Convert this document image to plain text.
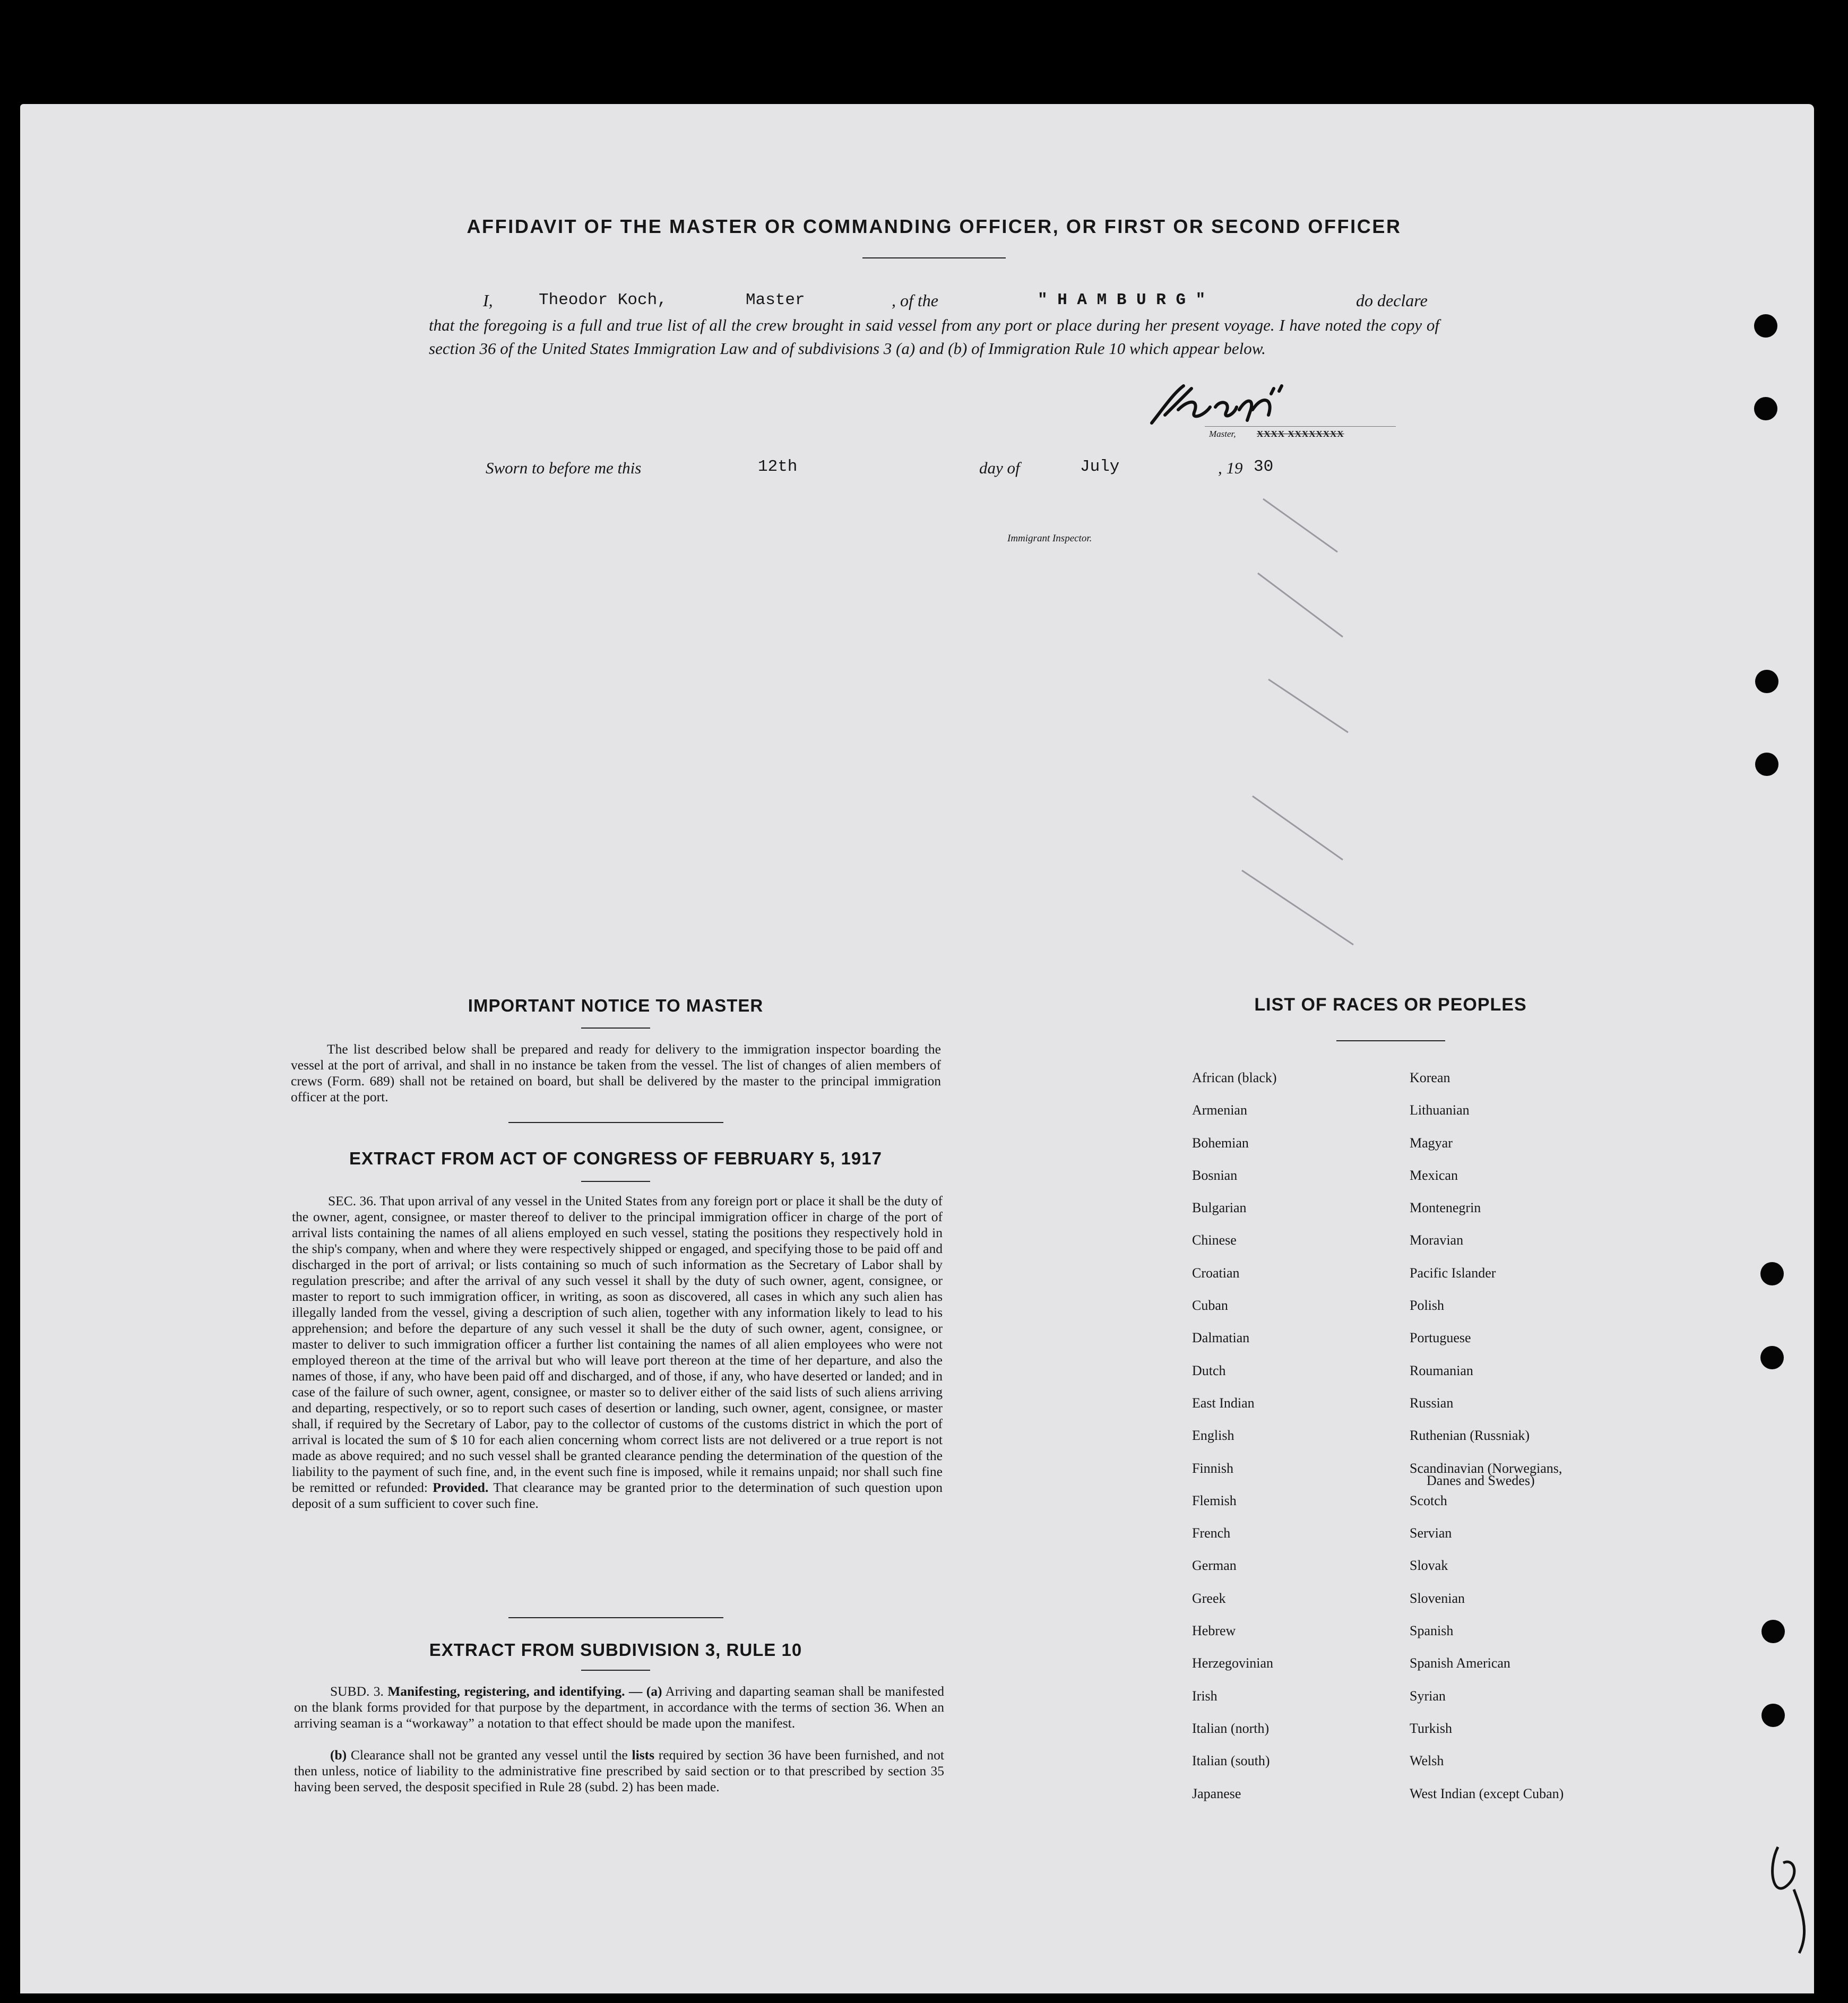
AFFIDAVIT OF THE MASTER OR COMMANDING OFFICER, OR FIRST OR SECOND OFFICER
I,	Theodor Koch,	Master	, of the	" H A M B U R G "	do declare
that the foregoing is a full and true list of all the crew brought in said vessel from any port or place during her present voyage. I have noted the copy of section 36 of the United States Immigration Law and of subdivisions 3 (a) and (b) of Immigration Rule 10 which appear below.
Master, XXXX XXXXXXXX
Sworn to before me this	12th	day of	July	, 19 30
Immigrant Inspector.
IMPORTANT NOTICE TO MASTER
The list described below shall be prepared and ready for delivery to the immigration inspector boarding the vessel at the port of arrival, and shall in no instance be taken from the vessel. The list of changes of alien members of crews (Form. 689) shall not be retained on board, but shall be delivered by the master to the principal immigration officer at the port.
EXTRACT FROM ACT OF CONGRESS OF FEBRUARY 5, 1917
SEC. 36. That upon arrival of any vessel in the United States from any foreign port or place it shall be the duty of the owner, agent, consignee, or master thereof to deliver to the principal immigration officer in charge of the port of arrival lists containing the names of all aliens employed en such vessel, stating the positions they respectively hold in the ship's company, when and where they were respectively shipped or engaged, and specifying those to be paid off and discharged in the port of arrival; or lists containing so much of such information as the Secretary of Labor shall by regulation prescribe; and after the arrival of any such vessel it shall by the duty of such owner, agent, consignee, or master to report to such immigration officer, in writing, as soon as discovered, all cases in which any such alien has illegally landed from the vessel, giving a description of such alien, together with any information likely to lead to his apprehension; and before the departure of any such vessel it shall be the duty of such owner, agent, consignee, or master to deliver to such immigration officer a further list containing the names of all alien employees who were not employed thereon at the time of the arrival but who will leave port thereon at the time of her departure, and also the names of those, if any, who have been paid off and discharged, and of those, if any, who have deserted or landed; and in case of the failure of such owner, agent, consignee, or master so to deliver either of the said lists of such aliens arriving and departing, respectively, or so to report such cases of desertion or landing, such owner, agent, consignee, or master shall, if required by the Secretary of Labor, pay to the collector of customs of the customs district in which the port of arrival is located the sum of $ 10 for each alien concerning whom correct lists are not delivered or a true report is not made as above required; and no such vessel shall be granted clearance pending the determination of the question of the liability to the payment of such fine, and, in the event such fine is imposed, while it remains unpaid; nor shall such fine be remitted or refunded: Provided. That clearance may be granted prior to the determination of such question upon deposit of a sum sufficient to cover such fine.
EXTRACT FROM SUBDIVISION 3, RULE 10
SUBD. 3. Manifesting, registering, and identifying. — (a) Arriving and daparting seaman shall be manifested on the blank forms provided for that purpose by the department, in accordance with the terms of section 36. When an arriving seaman is a “workaway” a notation to that effect should be made upon the manifest.
(b) Clearance shall not be granted any vessel until the lists required by section 36 have been furnished, and not then unless, notice of liability to the administrative fine prescribed by said section or to that prescribed by section 35 having been served, the desposit specified in Rule 28 (subd. 2) has been made.
LIST OF RACES OR PEOPLES
African (black)
Armenian
Bohemian
Bosnian
Bulgarian
Chinese
Croatian
Cuban
Dalmatian
Dutch
East Indian
English
Finnish
Flemish
French
German
Greek
Hebrew
Herzegovinian
Irish
Italian (north)
Italian (south)
Japanese
Korean
Lithuanian
Magyar
Mexican
Montenegrin
Moravian
Pacific Islander
Polish
Portuguese
Roumanian
Russian
Ruthenian (Russniak)
Scandinavian (Norwegians,
Scotch
Servian
Slovak
Slovenian
Spanish
Spanish American
Syrian
Turkish
Welsh
West Indian (except Cuban)
Danes and Swedes)
